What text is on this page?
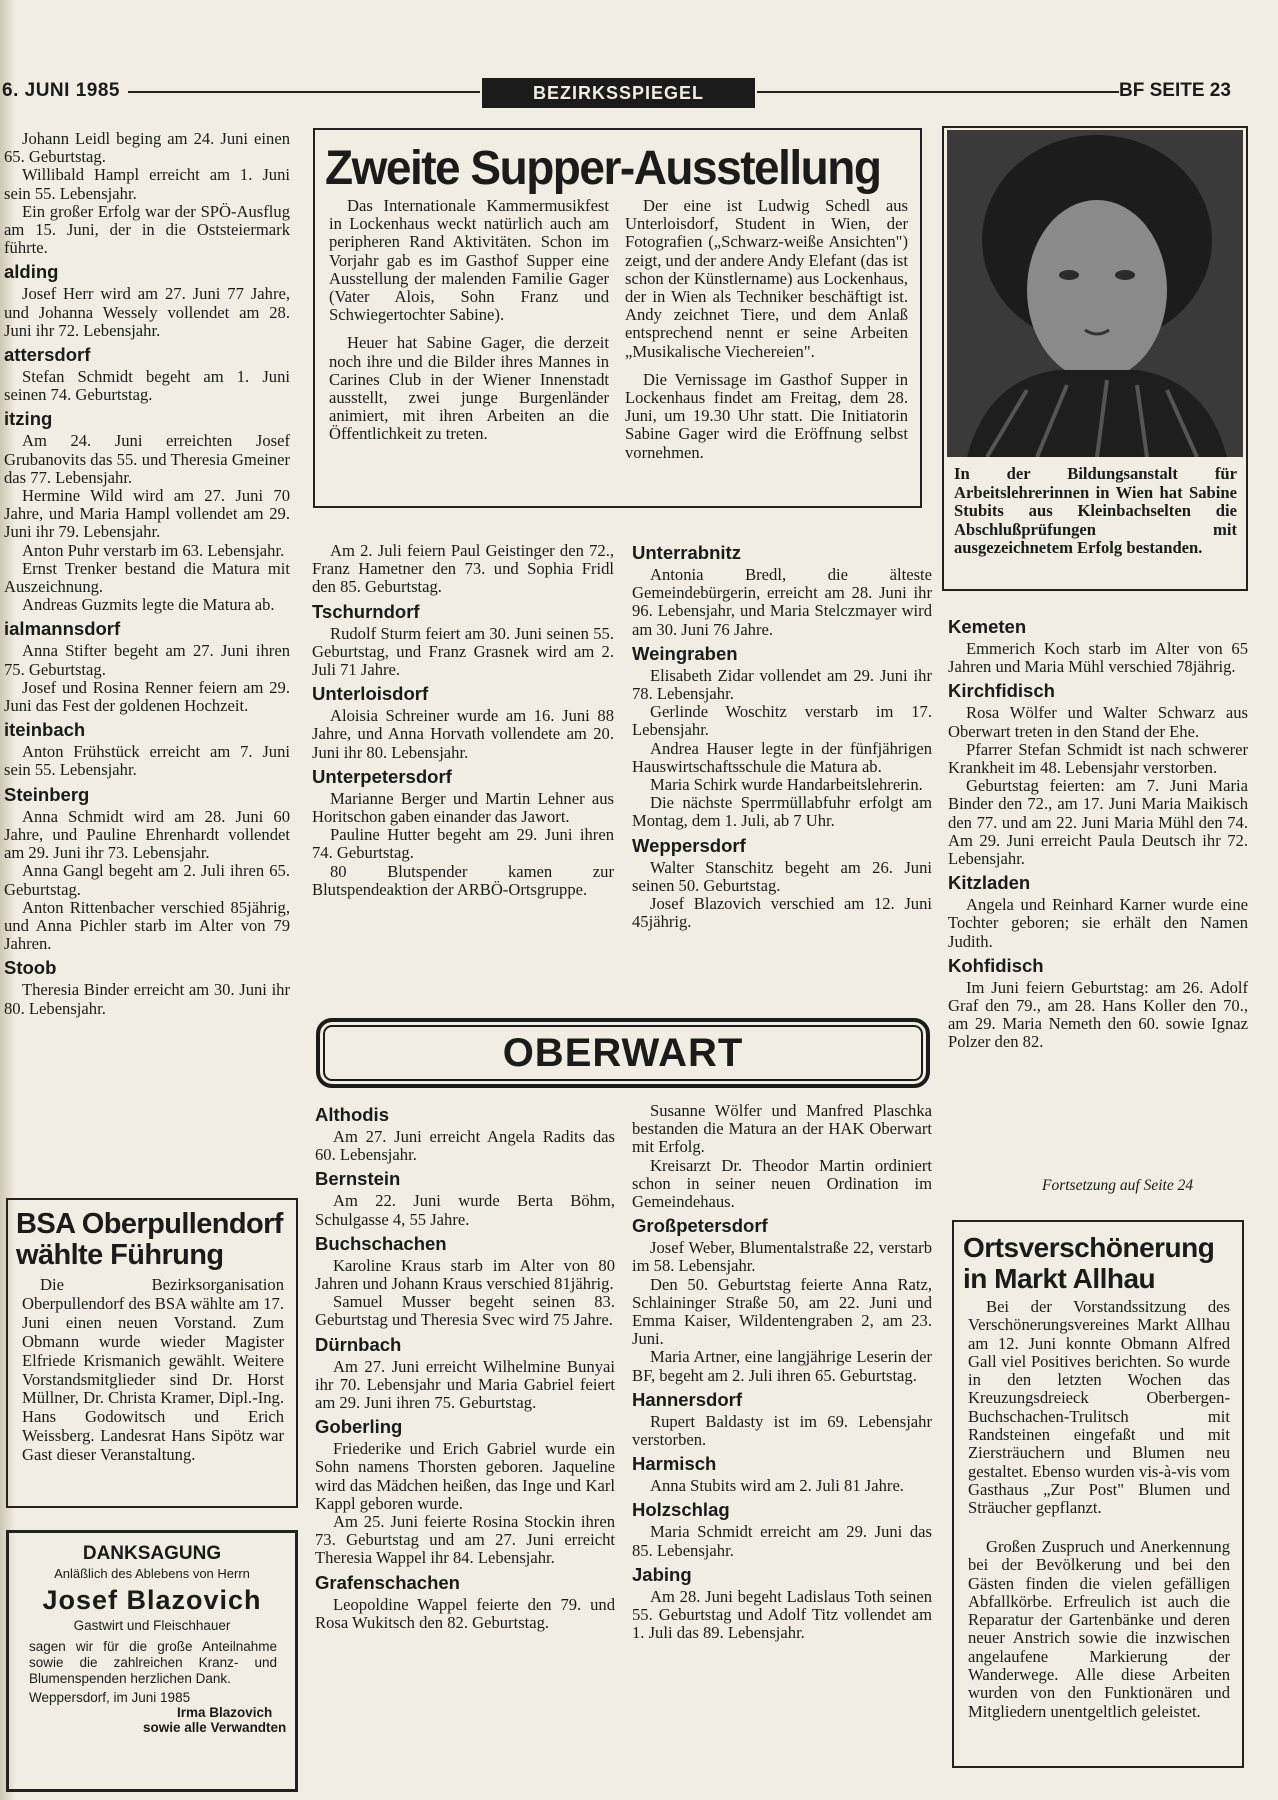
6. JUNI 1985	BEZIRKSSPIEGEL	BF SEITE 23

Johann Leidl beging am 24. Juni einen 65. Geburtstag.

Willibald Hampl erreicht am 1. Juni sein 55. Lebensjahr.

Ein großer Erfolg war der SPÖ-Ausflug am 15. Juni, der in die Oststeiermark führte.

alding

Josef Herr wird am 27. Juni 77 Jahre, und Johanna Wessely vollendet am 28. Juni ihr 72. Lebensjahr.

attersdorf

Stefan Schmidt begeht am 1. Juni seinen 74. Geburtstag.

itzing

Am 24. Juni erreichten Josef Grubanovits das 55. und Theresia Gmeiner das 77. Lebensjahr.

Hermine Wild wird am 27. Juni 70 Jahre, und Maria Hampl vollendet am 29. Juni ihr 79. Lebensjahr.

Anton Puhr verstarb im 63. Lebensjahr.

Ernst Trenker bestand die Matura mit Auszeichnung.

Andreas Guzmits legte die Matura ab.

ialmannsdorf

Anna Stifter begeht am 27. Juni ihren 75. Geburtstag.

Josef und Rosina Renner feiern am 29. Juni das Fest der goldenen Hochzeit.

iteinbach

Anton Frühstück erreicht am 7. Juni sein 55. Lebensjahr.

Steinberg

Anna Schmidt wird am 28. Juni 60 Jahre, und Pauline Ehrenhardt vollendet am 29. Juni ihr 73. Lebensjahr.

Anna Gangl begeht am 2. Juli ihren 65. Geburtstag.

Anton Rittenbacher verschied 85jährig, und Anna Pichler starb im Alter von 79 Jahren.

Stoob

Theresia Binder erreicht am 30. Juni ihr 80. Lebensjahr.

Zweite Supper-Ausstellung

Das Internationale Kammermusikfest in Lockenhaus weckt natürlich auch am peripheren Rand Aktivitäten. Schon im Vorjahr gab es im Gasthof Supper eine Ausstellung der malenden Familie Gager (Vater Alois, Sohn Franz und Schwiegertochter Sabine).

Heuer hat Sabine Gager, die derzeit noch ihre und die Bilder ihres Mannes in Carines Club in der Wiener Innenstadt ausstellt, zwei junge Burgenländer animiert, mit ihren Arbeiten an die Öffentlichkeit zu treten.

Der eine ist Ludwig Schedl aus Unterloisdorf, Student in Wien, der Fotografien („Schwarz-weiße Ansichten") zeigt, und der andere Andy Elefant (das ist schon der Künstlername) aus Lockenhaus, der in Wien als Techniker beschäftigt ist. Andy zeichnet Tiere, und dem Anlaß entsprechend nennt er seine Arbeiten „Musikalische Viechereien".

Die Vernissage im Gasthof Supper in Lockenhaus findet am Freitag, dem 28. Juni, um 19.30 Uhr statt. Die Initiatorin Sabine Gager wird die Eröffnung selbst vornehmen.

In der Bildungsanstalt für Arbeitslehrerinnen in Wien hat Sabine Stubits aus Kleinbachselten die Abschlußprüfungen mit ausgezeichnetem Erfolg bestanden.

Am 2. Juli feiern Paul Geistinger den 72., Franz Hametner den 73. und Sophia Fridl den 85. Geburtstag.

Tschurndorf

Rudolf Sturm feiert am 30. Juni seinen 55. Geburtstag, und Franz Grasnek wird am 2. Juli 71 Jahre.

Unterloisdorf

Aloisia Schreiner wurde am 16. Juni 88 Jahre, und Anna Horvath vollendete am 20. Juni ihr 80. Lebensjahr.

Unterpetersdorf

Marianne Berger und Martin Lehner aus Horitschon gaben einander das Jawort.

Pauline Hutter begeht am 29. Juni ihren 74. Geburtstag.

80 Blutspender kamen zur Blutspendeaktion der ARBÖ-Ortsgruppe.

Unterrabnitz

Antonia Bredl, die älteste Gemeindebürgerin, erreicht am 28. Juni ihr 96. Lebensjahr, und Maria Stelczmayer wird am 30. Juni 76 Jahre.

Weingraben

Elisabeth Zidar vollendet am 29. Juni ihr 78. Lebensjahr.

Gerlinde Woschitz verstarb im 17. Lebensjahr.

Andrea Hauser legte in der fünfjährigen Hauswirtschaftsschule die Matura ab.

Maria Schirk wurde Handarbeitslehrerin.

Die nächste Sperrmüllabfuhr erfolgt am Montag, dem 1. Juli, ab 7 Uhr.

Weppersdorf

Walter Stanschitz begeht am 26. Juni seinen 50. Geburtstag.

Josef Blazovich verschied am 12. Juni 45jährig.

Kemeten

Emmerich Koch starb im Alter von 65 Jahren und Maria Mühl verschied 78jährig.

Kirchfidisch

Rosa Wölfer und Walter Schwarz aus Oberwart treten in den Stand der Ehe.

Pfarrer Stefan Schmidt ist nach schwerer Krankheit im 48. Lebensjahr verstorben.

Geburtstag feierten: am 7. Juni Maria Binder den 72., am 17. Juni Maria Maikisch den 77. und am 22. Juni Maria Mühl den 74. Am 29. Juni erreicht Paula Deutsch ihr 72. Lebensjahr.

Kitzladen

Angela und Reinhard Karner wurde eine Tochter geboren; sie erhält den Namen Judith.

Kohfidisch

Im Juni feiern Geburtstag: am 26. Adolf Graf den 79., am 28. Hans Koller den 70., am 29. Maria Nemeth den 60. sowie Ignaz Polzer den 82.

Fortsetzung auf Seite 24
OBERWART
Althodis

Am 27. Juni erreicht Angela Radits das 60. Lebensjahr.

Bernstein

Am 22. Juni wurde Berta Böhm, Schulgasse 4, 55 Jahre.

Buchschachen

Karoline Kraus starb im Alter von 80 Jahren und Johann Kraus verschied 81jährig.

Samuel Musser begeht seinen 83. Geburtstag und Theresia Svec wird 75 Jahre.

Dürnbach

Am 27. Juni erreicht Wilhelmine Bunyai ihr 70. Lebensjahr und Maria Gabriel feiert am 29. Juni ihren 75. Geburtstag.

Goberling

Friederike und Erich Gabriel wurde ein Sohn namens Thorsten geboren. Jaqueline wird das Mädchen heißen, das Inge und Karl Kappl geboren wurde.

Am 25. Juni feierte Rosina Stockin ihren 73. Geburtstag und am 27. Juni erreicht Theresia Wappel ihr 84. Lebensjahr.

Grafenschachen

Leopoldine Wappel feierte den 79. und Rosa Wukitsch den 82. Geburtstag.

Susanne Wölfer und Manfred Plaschka bestanden die Matura an der HAK Oberwart mit Erfolg.

Kreisarzt Dr. Theodor Martin ordiniert schon in seiner neuen Ordination im Gemeindehaus.

Großpetersdorf

Josef Weber, Blumentalstraße 22, verstarb im 58. Lebensjahr.

Den 50. Geburtstag feierte Anna Ratz, Schlaininger Straße 50, am 22. Juni und Emma Kaiser, Wildentengraben 2, am 23. Juni.

Maria Artner, eine langjährige Leserin der BF, begeht am 2. Juli ihren 65. Geburtstag.

Hannersdorf

Rupert Baldasty ist im 69. Lebensjahr verstorben.

Harmisch

Anna Stubits wird am 2. Juli 81 Jahre.

Holzschlag

Maria Schmidt erreicht am 29. Juni das 85. Lebensjahr.

Jabing

Am 28. Juni begeht Ladislaus Toth seinen 55. Geburtstag und Adolf Titz vollendet am 1. Juli das 89. Lebensjahr.

BSA Oberpullendorf wählte Führung

Die Bezirksorganisation Oberpullendorf des BSA wählte am 17. Juni einen neuen Vorstand. Zum Obmann wurde wieder Magister Elfriede Krismanich gewählt. Weitere Vorstandsmitglieder sind Dr. Horst Müllner, Dr. Christa Kramer, Dipl.-Ing. Hans Godowitsch und Erich Weissberg. Landesrat Hans Sipötz war Gast dieser Veranstaltung.

DANKSAGUNG
Anläßlich des Ablebens von Herrn
Josef Blazovich
Gastwirt und Fleischhauer
sagen wir für die große Anteilnahme sowie die zahlreichen Kranz- und Blumenspenden herzlichen Dank.
Weppersdorf, im Juni 1985
Irma Blazovich
sowie alle Verwandten
Ortsverschönerung in Markt Allhau

Bei der Vorstandssitzung des Verschönerungsvereines Markt Allhau am 12. Juni konnte Obmann Alfred Gall viel Positives berichten. So wurde in den letzten Wochen das Kreuzungsdreieck Oberbergen-Buchschachen-Trulitsch mit Randsteinen eingefaßt und mit Ziersträuchern und Blumen neu gestaltet. Ebenso wurden vis-à-vis vom Gasthaus „Zur Post" Blumen und Sträucher gepflanzt.

Großen Zuspruch und Anerkennung bei der Bevölkerung und bei den Gästen finden die vielen gefälligen Abfallkörbe. Erfreulich ist auch die Reparatur der Gartenbänke und deren neuer Anstrich sowie die inzwischen angelaufene Markierung der Wanderwege. Alle diese Arbeiten wurden von den Funktionären und Mitgliedern unentgeltlich geleistet.
